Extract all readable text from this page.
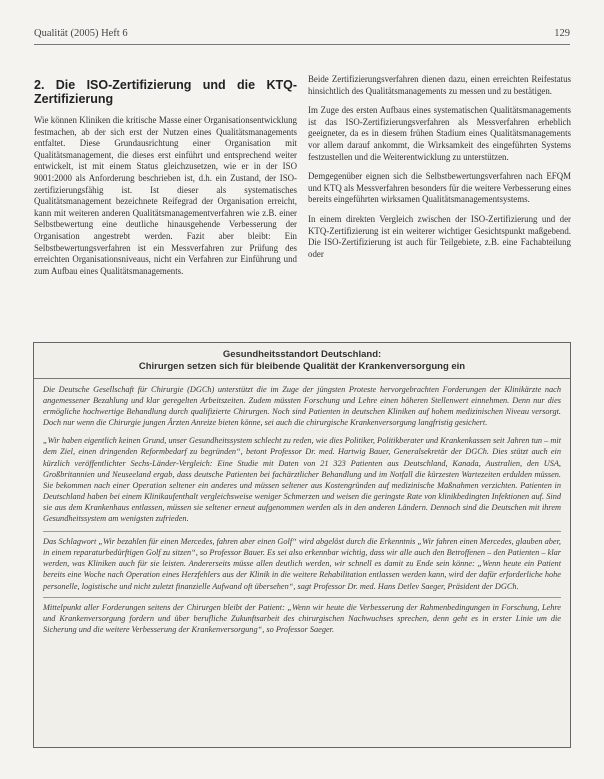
Qualität (2005) Heft 6	129
2. Die ISO-Zertifizierung und die KTQ-Zertifizierung

Wie können Kliniken die kritische Masse einer Organisationsentwicklung festmachen, ab der sich erst der Nutzen eines Qualitätsmanagements entfaltet. Diese Grundausrichtung einer Organisation mit Qualitätsmanagement, die dieses erst einführt und entsprechend weiter entwickelt, ist mit einem Status gleichzusetzen, wie er in der ISO 9001:2000 als Anforderung beschrieben ist, d.h. ein Zustand, der ISO-zertifizierungsfähig ist. Ist dieser als systematisches Qualitätsmanagement bezeichnete Reifegrad der Organisation erreicht, kann mit weiteren anderen Qualitätsmanagementverfahren wie z.B. einer Selbstbewertung eine deutliche hinausgehende Verbesserung der Organisation angestrebt werden. Fazit aber bleibt: Ein Selbstbewertungsverfahren ist ein Messverfahren zur Prüfung des erreichten Organisationsniveaus, nicht ein Verfahren zur Einführung und zum Aufbau eines Qualitätsmanagements.

Beide Zertifizierungsverfahren dienen dazu, einen erreichten Reifestatus hinsichtlich des Qualitätsmanagements zu messen und zu bestätigen.

Im Zuge des ersten Aufbaus eines systematischen Qualitätsmanagements ist das ISO-Zertifizierungsverfahren als Messverfahren erheblich geeigneter, da es in diesem frühen Stadium eines Qualitätsmanagements vor allem darauf ankommt, die Wirksamkeit des eingeführten Systems festzustellen und die Weiterentwicklung zu unterstützen.

Demgegenüber eignen sich die Selbstbewertungsverfahren nach EFQM und KTQ als Messverfahren besonders für die weitere Verbesserung eines bereits eingeführten wirksamen Qualitätsmanagementsystems.

In einem direkten Vergleich zwischen der ISO-Zertifizierung und der KTQ-Zertifizierung ist ein weiterer wichtiger Gesichtspunkt maßgebend. Die ISO-Zertifizierung ist auch für Teilgebiete, z.B. eine Fachabteilung oder

Gesundheitsstandort Deutschland:
Chirurgen setzen sich für bleibende Qualität der Krankenversorgung ein

Die Deutsche Gesellschaft für Chirurgie (DGCh) unterstützt die im Zuge der jüngsten Proteste hervorgebrachten Forderungen der Klinikärzte nach angemessener Bezahlung und klar geregelten Arbeitszeiten. Zudem müssten Forschung und Lehre einen höheren Stellenwert einnehmen. Denn nur dies ermögliche hochwertige Behandlung durch qualifizierte Chirurgen. Noch sind Patienten in deutschen Kliniken auf hohem medizinischen Niveau versorgt. Doch nur wenn die Chirurgie jungen Ärzten Anreize bieten könne, sei auch die chirurgische Krankenversorgung langfristig gesichert.

„Wir haben eigentlich keinen Grund, unser Gesundheitssystem schlecht zu reden, wie dies Politiker, Politikberater und Krankenkassen seit Jahren tun – mit dem Ziel, einen dringenden Reformbedarf zu begründen“, betont Professor Dr. med. Hartwig Bauer, Generalsekretär der DGCh. Dies stützt auch ein kürzlich veröffentlichter Sechs-Länder-Vergleich: Eine Studie mit Daten von 21 323 Patienten aus Deutschland, Kanada, Australien, den USA, Großbritannien und Neuseeland ergab, dass deutsche Patienten bei fachärztlicher Behandlung und im Notfall die kürzesten Wartezeiten erdulden müssen. Sie bekommen nach einer Operation seltener ein anderes und müssen seltener aus Kostengründen auf medizinische Maßnahmen verzichten. Patienten in Deutschland haben bei einem Klinikaufenthalt vergleichsweise weniger Schmerzen und weisen die geringste Rate von klinikbedingten Infektionen auf. Sind sie aus dem Krankenhaus entlassen, müssen sie seltener erneut aufgenommen werden als in den anderen Ländern. Dennoch sind die Deutschen mit ihrem Gesundheitssystem am wenigsten zufrieden.

Das Schlagwort „Wir bezahlen für einen Mercedes, fahren aber einen Golf“ wird abgelöst durch die Erkenntnis „Wir fahren einen Mercedes, glauben aber, in einem reparaturbedürftigen Golf zu sitzen“, so Professor Bauer. Es sei also erkennbar wichtig, dass wir alle auch den Betroffenen – den Patienten – klar werden, was Kliniken auch für sie leisten. Andererseits müsse allen deutlich werden, wir schnell es damit zu Ende sein könne: „Wenn heute ein Patient bereits eine Woche nach Operation eines Herzfehlers aus der Klinik in die weitere Rehabilitation entlassen werden kann, wird der dafür erforderliche hohe personelle, logistische und nicht zuletzt finanzielle Aufwand oft übersehen“, sagt Professor Dr. med. Hans Detlev Saeger, Präsident der DGCh.

Mittelpunkt aller Forderungen seitens der Chirurgen bleibt der Patient: „Wenn wir heute die Verbesserung der Rahmenbedingungen in Forschung, Lehre und Krankenversorgung fordern und über berufliche Zukunftsarbeit des chirurgischen Nachwuchses sprechen, denn geht es in erster Linie um die Sicherung und die weitere Verbesserung der Krankenversorgung“, so Professor Saeger.
